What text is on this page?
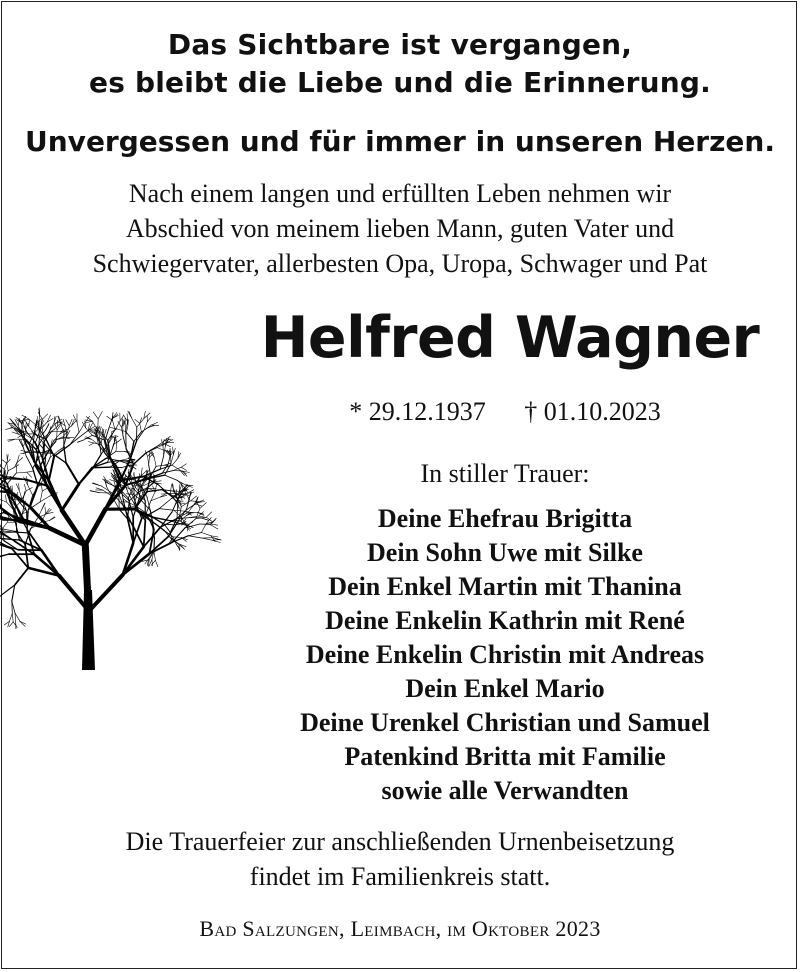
Das Sichtbare ist vergangen,
es bleibt die Liebe und die Erinnerung.
Unvergessen und für immer in unseren Herzen.
Nach einem langen und erfüllten Leben nehmen wir
Abschied von meinem lieben Mann, guten Vater und
Schwiegervater, allerbesten Opa, Uropa, Schwager und Pat
Helfred Wagner
* 29.12.1937 † 01.10.2023
In stiller Trauer:
Deine Ehefrau Brigitta
Dein Sohn Uwe mit Silke
Dein Enkel Martin mit Thanina
Deine Enkelin Kathrin mit René
Deine Enkelin Christin mit Andreas
Dein Enkel Mario
Deine Urenkel Christian und Samuel
Patenkind Britta mit Familie
sowie alle Verwandten
Die Trauerfeier zur anschließenden Urnenbeisetzung
findet im Familienkreis statt.
Bad Salzungen, Leimbach, im Oktober 2023
